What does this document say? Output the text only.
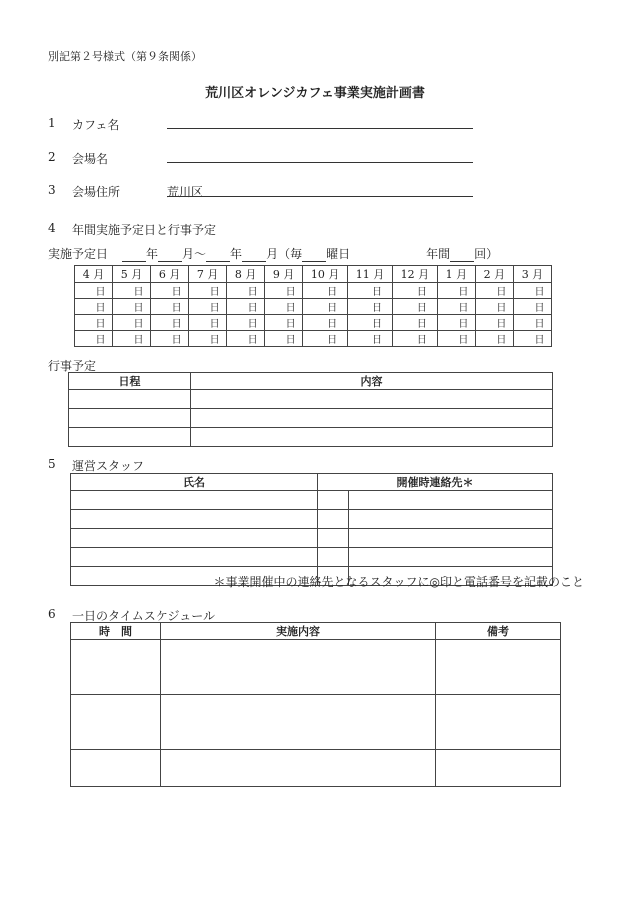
別記第２号様式（第９条関係）
荒川区オレンジカフェ事業実施計画書
1 カフェ名
2 会場名
3 会場住所	荒川区
4 年間実施予定日と行事予定
実施予定日	年 月～ 年 月（毎 曜日	年間 回）
4 月	5 月	6 月	7 月	8 月	9 月	10 月	11 月	12 月	1 月	2 月	3 月
日	日	日	日	日	日	日	日	日	日	日	日
日	日	日	日	日	日	日	日	日	日	日	日
日	日	日	日	日	日	日	日	日	日	日	日
日	日	日	日	日	日	日	日	日	日	日	日
行事予定
日程	内容

5 運営スタッフ
氏名	開催時連絡先＊	

＊事業開催中の連絡先となるスタッフに◎印と電話番号を記載のこと
6 一日のタイムスケジュール
時　間	実施内容	備考
